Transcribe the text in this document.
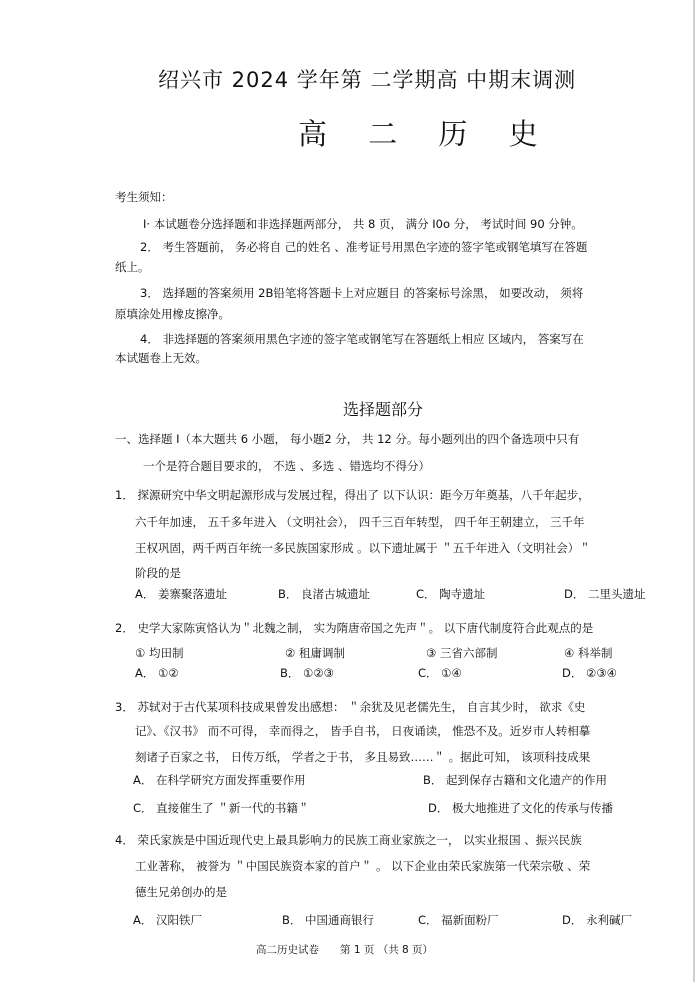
绍兴市 2024 学年第 二学期高 中期末调测
高 二 历 史
考生须知：
Ⅰ· 本试题卷分选择题和非选择题两部分， 共 8 页， 满分 I0o 分， 考试时间 90 分钟。
2． 考生答题前， 务必将自 己的姓名 、准考证号用黑色字迹的签字笔或钢笔填写在答题
纸上。
3． 选择题的答案须用 2B铅笔将答题卡上对应题目 的答案标号涂黑， 如要改动， 须将
原填涂处用橡皮擦净。
4． 非选择题的答案须用黑色字迹的签字笔或钢笔写在答题纸上相应 区域内， 答案写在
本试题卷上无效。
选择题部分
一、选择题 Ⅰ（本大题共 6 小题， 每小题2 分， 共 12 分。每小题列出的四个备选项中只有
一个是符合题目要求的， 不选 、多选 、错选均不得分）
1． 探源研究中华文明起源形成与发展过程，得出了 以下认识：距今万年奠基，八千年起步，
六千年加速， 五千多年进入 （文明社会）， 四千三百年转型， 四千年王朝建立， 三千年
王权巩固，两千两百年统一多民族国家形成 。以下遗址属于 ＂五千年进入（文明社会）＂
阶段的是
A． 姜寨聚落遗址	B． 良渚古城遗址	C． 陶寺遗址	D． 二里头遗址
2． 史学大家陈寅恪认为＂北魏之制， 实为隋唐帝国之先声＂。 以下唐代制度符合此观点的是
① 均田制	② 租庸调制	③ 三省六部制	④ 科举制
A． ①②	B． ①②③	C． ①④	D． ②③④
3． 苏轼对于古代某项科技成果曾发出感想： ＂余犹及见老儒先生， 自言其少时， 欲求《史
记》、《汉书》 而不可得， 幸而得之， 皆手自书， 日夜诵读， 惟恐不及。近岁市人转相摹
刻诸子百家之书， 日传万纸， 学者之于书， 多且易致……＂ 。据此可知， 该项科技成果
A． 在科学研究方面发挥重要作用	B． 起到保存古籍和文化遗产的作用
C． 直接催生了 ＂新一代的书籍＂	D． 极大地推进了文化的传承与传播
4． 荣氏家族是中国近现代史上最具影响力的民族工商业家族之一， 以实业报国 、振兴民族
工业著称， 被誉为 ＂中国民族资本家的首户＂ 。 以下企业由荣氏家族第一代荣宗敬 、荣
德生兄弟创办的是
A． 汉阳铁厂	B． 中国通商银行	C． 福新面粉厂	D． 永利碱厂
高二历史试卷　　第 1 页 （共 8 页）
